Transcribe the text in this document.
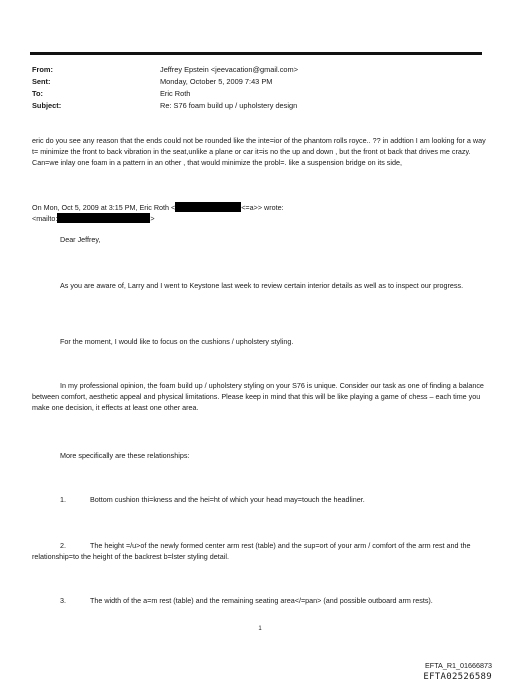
From:	Jeffrey Epstein <jeevacation@gmail.com>
Sent:	Monday, October 5, 2009 7:43 PM
To:	Eric Roth
Subject:	Re: S76 foam build up / upholstery design
eric do you see any reason that the ends could not be rounded like the inte=ior of the phantom rolls royce.. ?? in addtion I am looking for a way t= minimize the front to back vibration in the seat,unlike a plane or car it=is no the up and down , but the front ot back that drives me crazy. Can=we inlay one foam in a pattern in an other , that would minimize the probl=. like a suspension bridge on its side,
On Mon, Oct 5, 2009 at 3:15 PM, Eric Roth <	<=a>> wrote:
<mailto:	>
Dear Jeffrey,
As you are aware of, Larry and I went to Keystone last week to review certain interior details as well as to inspect our progress.
For the moment, I would like to focus on the cushions / upholstery styling.
In my professional opinion, the foam build up / upholstery styling on your S76 is unique. Consider our task as one of finding a balance between comfort, aesthetic appeal and physical limitations. Please keep in mind that this will be like playing a game of chess – each time you make one decision, it effects at least one other area.
More specifically are these relationships:
1.	Bottom cushion thi=kness and the hei=ht of which your head may=touch the headliner.
2.	The height =/u>of the newly formed center arm rest (table) and the sup=ort of your arm / comfort of the arm rest and the relationship=to the height of the backrest b=lster styling detail.
3.	The width of the a=m rest (table) and the remaining seating area</=pan> (and possible outboard arm rests).
1
EFTA_R1_01666873
EFTA02526589
